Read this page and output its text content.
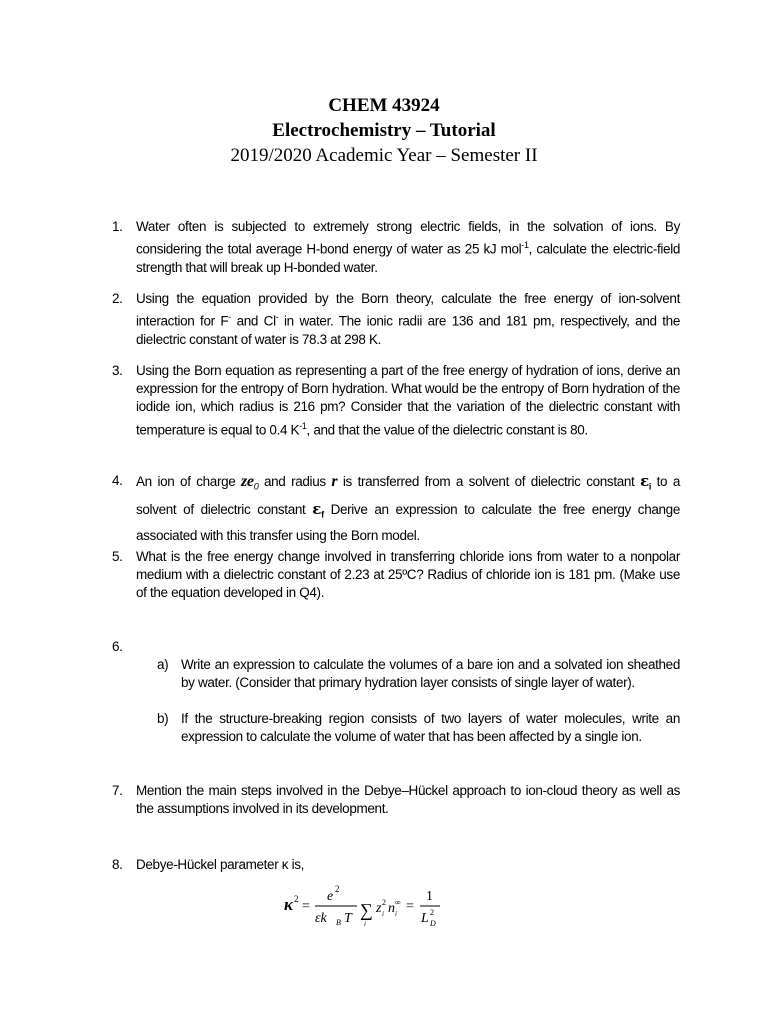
CHEM 43924
Electrochemistry – Tutorial
2019/2020 Academic Year – Semester II
1. Water often is subjected to extremely strong electric fields, in the solvation of ions. By considering the total average H-bond energy of water as 25 kJ mol$^{-1}$, calculate the electric-field strength that will break up H-bonded water.
2. Using the equation provided by the Born theory, calculate the free energy of ion-solvent interaction for F- and Cl- in water. The ionic radii are 136 and 181 pm, respectively, and the dielectric constant of water is 78.3 at 298 K.
3. Using the Born equation as representing a part of the free energy of hydration of ions, derive an expression for the entropy of Born hydration. What would be the entropy of Born hydration of the iodide ion, which radius is 216 pm? Consider that the variation of the dielectric constant with temperature is equal to 0.4 $K^{-1}$, and that the value of the dielectric constant is 80.
4. An ion of charge $ze_0$ and radius r is transferred from a solvent of dielectric constant $\varepsilon_i$ to a solvent of dielectric constant $\varepsilon_f$ Derive an expression to calculate the free energy change associated with this transfer using the Born model.
5. What is the free energy change involved in transferring chloride ions from water to a nonpolar medium with a dielectric constant of 2.23 at 25ºC? Radius of chloride ion is 181 pm. (Make use of the equation developed in Q4).
6.
a) Write an expression to calculate the volumes of a bare ion and a solvated ion sheathed by water. (Consider that primary hydration layer consists of single layer of water).
b) If the structure-breaking region consists of two layers of water molecules, write an expression to calculate the volume of water that has been affected by a single ion.
7. Mention the main steps involved in the Debye–Hückel approach to ion-cloud theory as well as the assumptions involved in its development.
8. Debye-Hückel parameter κ is,
κ 2 =
e 2
εk B T ∑
i
z 2
i n ∞
i =
1
L 2
D
